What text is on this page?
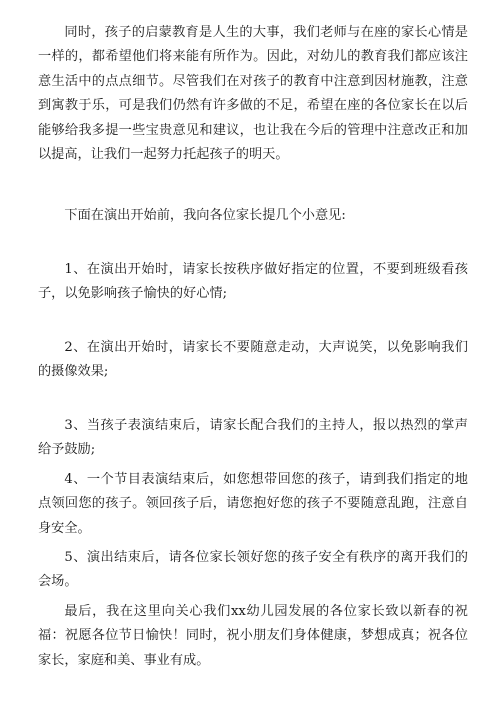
同时，孩子的启蒙教育是人生的大事，我们老师与在座的家长心情是一样的，都希望他们将来能有所作为。因此，对幼儿的教育我们都应该注意生活中的点点细节。尽管我们在对孩子的教育中注意到因材施教，注意到寓教于乐，可是我们仍然有许多做的不足，希望在座的各位家长在以后能够给我多提一些宝贵意见和建议，也让我在今后的管理中注意改正和加以提高，让我们一起努力托起孩子的明天。

下面在演出开始前，我向各位家长提几个小意见:

1、在演出开始时，请家长按秩序做好指定的位置，不要到班级看孩子，以免影响孩子愉快的好心情;

2、在演出开始时，请家长不要随意走动，大声说笑，以免影响我们的摄像效果;

3、当孩子表演结束后，请家长配合我们的主持人，报以热烈的掌声给予鼓励;

4、一个节目表演结束后，如您想带回您的孩子，请到我们指定的地点领回您的孩子。领回孩子后，请您抱好您的孩子不要随意乱跑，注意自身安全。

5、演出结束后，请各位家长领好您的孩子安全有秩序的离开我们的会场。

最后，我在这里向关心我们xx幼儿园发展的各位家长致以新春的祝福：祝愿各位节日愉快！同时，祝小朋友们身体健康，梦想成真；祝各位家长，家庭和美、事业有成。
